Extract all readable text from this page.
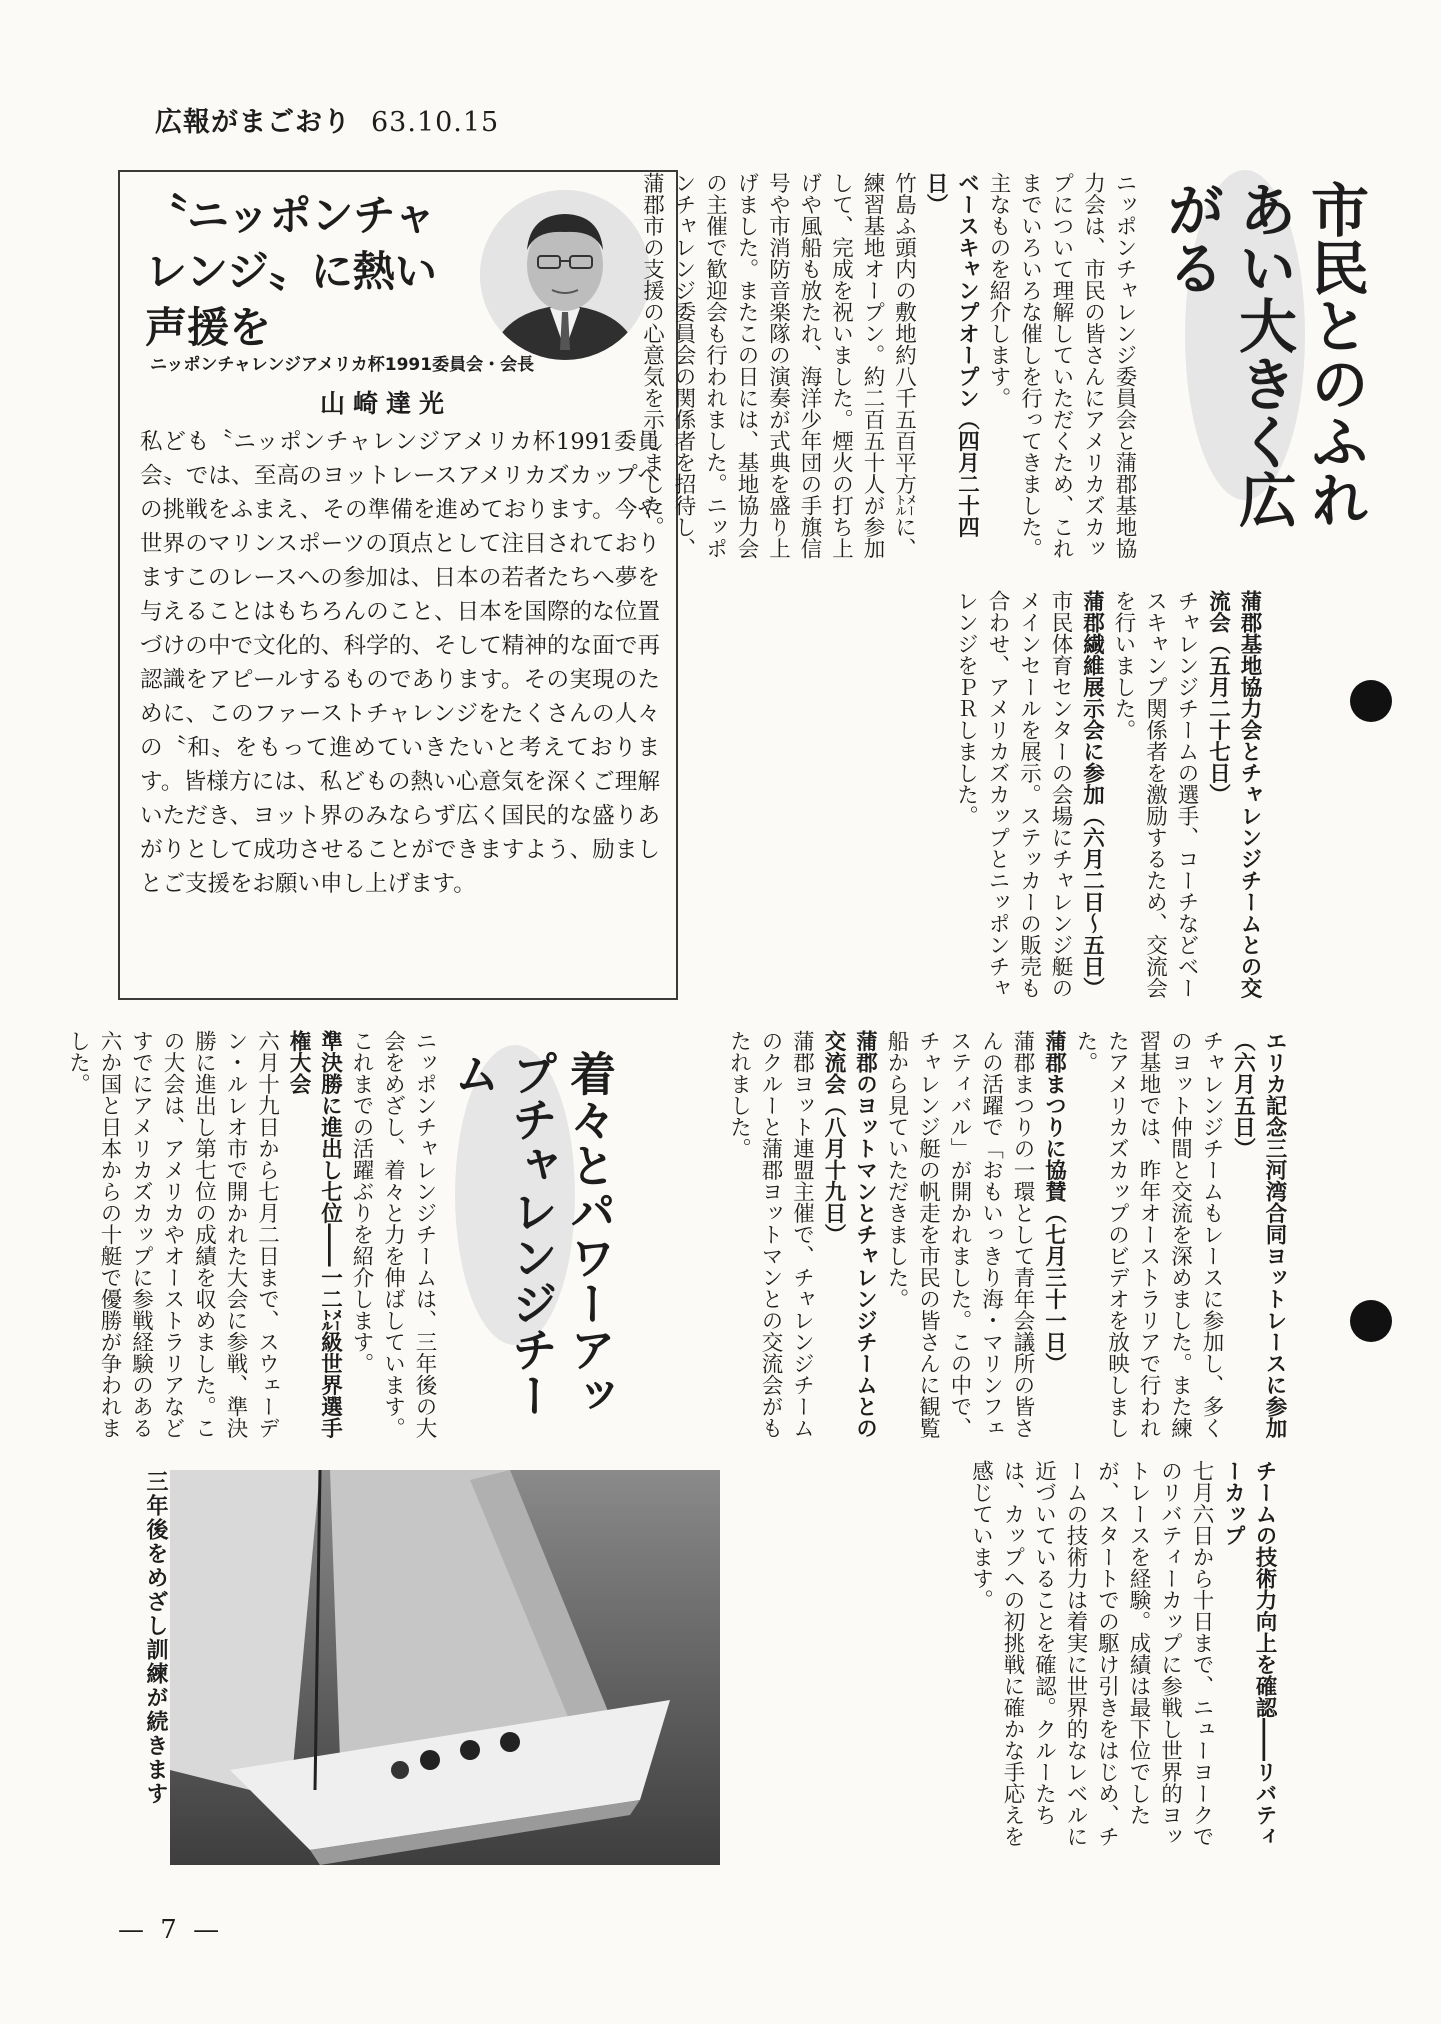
広報がまごおり 63.10.15
〝ニッポンチャレンジ〟に熱い声援を
ニッポンチャレンジアメリカ杯1991委員会・会長
山崎達光
私ども〝ニッポンチャレンジアメリカ杯1991委員会〟では、至高のヨットレースアメリカズカップへの挑戦をふまえ、その準備を進めております。今や世界のマリンスポーツの頂点として注目されておりますこのレースへの参加は、日本の若者たちへ夢を与えることはもちろんのこと、日本を国際的な位置づけの中で文化的、科学的、そして精神的な面で再認識をアピールするものであります。その実現のために、このファーストチャレンジをたくさんの人々の〝和〟をもって進めていきたいと考えております。皆様方には、私どもの熱い心意気を深くご理解いただき、ヨット界のみならず広く国民的な盛りあがりとして成功させることができますよう、励ましとご支援をお願い申し上げます。
市民とのふれあい大きく広がる
ニッポンチャレンジ委員会と蒲郡基地協力会は、市民の皆さんにアメリカズカップについて理解していただくため、これまでいろいろな催しを行ってきました。主なものを紹介します。
ベースキャンプオープン（四月二十四日）
竹島ふ頭内の敷地約八千五百平方㍍に、練習基地オープン。約二百五十人が参加して、完成を祝いました。煙火の打ち上げや風船も放たれ、海洋少年団の手旗信号や市消防音楽隊の演奏が式典を盛り上げました。またこの日には、基地協力会の主催で歓迎会も行われました。ニッポンチャレンジ委員会の関係者を招待し、蒲郡市の支援の心意気を示しました。
蒲郡基地協力会とチャレンジチームとの交流会（五月二十七日）
チャレンジチームの選手、コーチなどベースキャンプ関係者を激励するため、交流会を行いました。
蒲郡繊維展示会に参加（六月二日～五日）
市民体育センターの会場にチャレンジ艇のメインセールを展示。ステッカーの販売も合わせ、アメリカズカップとニッポンチャレンジをＰＲしました。
エリカ記念三河湾合同ヨットレースに参加（六月五日）
チャレンジチームもレースに参加し、多くのヨット仲間と交流を深めました。また練習基地では、昨年オーストラリアで行われたアメリカズカップのビデオを放映しました。
蒲郡まつりに協賛（七月三十一日）
蒲郡まつりの一環として青年会議所の皆さんの活躍で「おもいっきり海・マリンフェスティバル」が開かれました。この中で、チャレンジ艇の帆走を市民の皆さんに観覧船から見ていただきました。
蒲郡のヨットマンとチャレンジチームとの交流会（八月十九日）
蒲郡ヨット連盟主催で、チャレンジチームのクルーと蒲郡ヨットマンとの交流会がもたれました。
着々とパワーアップチャレンジチーム
ニッポンチャレンジチームは、三年後の大会をめざし、着々と力を伸ばしています。これまでの活躍ぶりを紹介します。
準決勝に進出し七位――一二㍍級世界選手権大会
六月十九日から七月二日まで、スウェーデン・ルレオ市で開かれた大会に参戦、準決勝に進出し第七位の成績を収めました。この大会は、アメリカやオーストラリアなどすでにアメリカズカップに参戦経験のある六か国と日本からの十艇で優勝が争われました。
チームの技術力向上を確認――リバティーカップ
七月六日から十日まで、ニューヨークでのリバティーカップに参戦し世界的ヨットレースを経験。成績は最下位でしたが、スタートでの駆け引きをはじめ、チームの技術力は着実に世界的なレベルに近づいていることを確認。クルーたちは、カップへの初挑戦に確かな手応えを感じています。
三年後をめざし訓練が続きます
— 7 —
